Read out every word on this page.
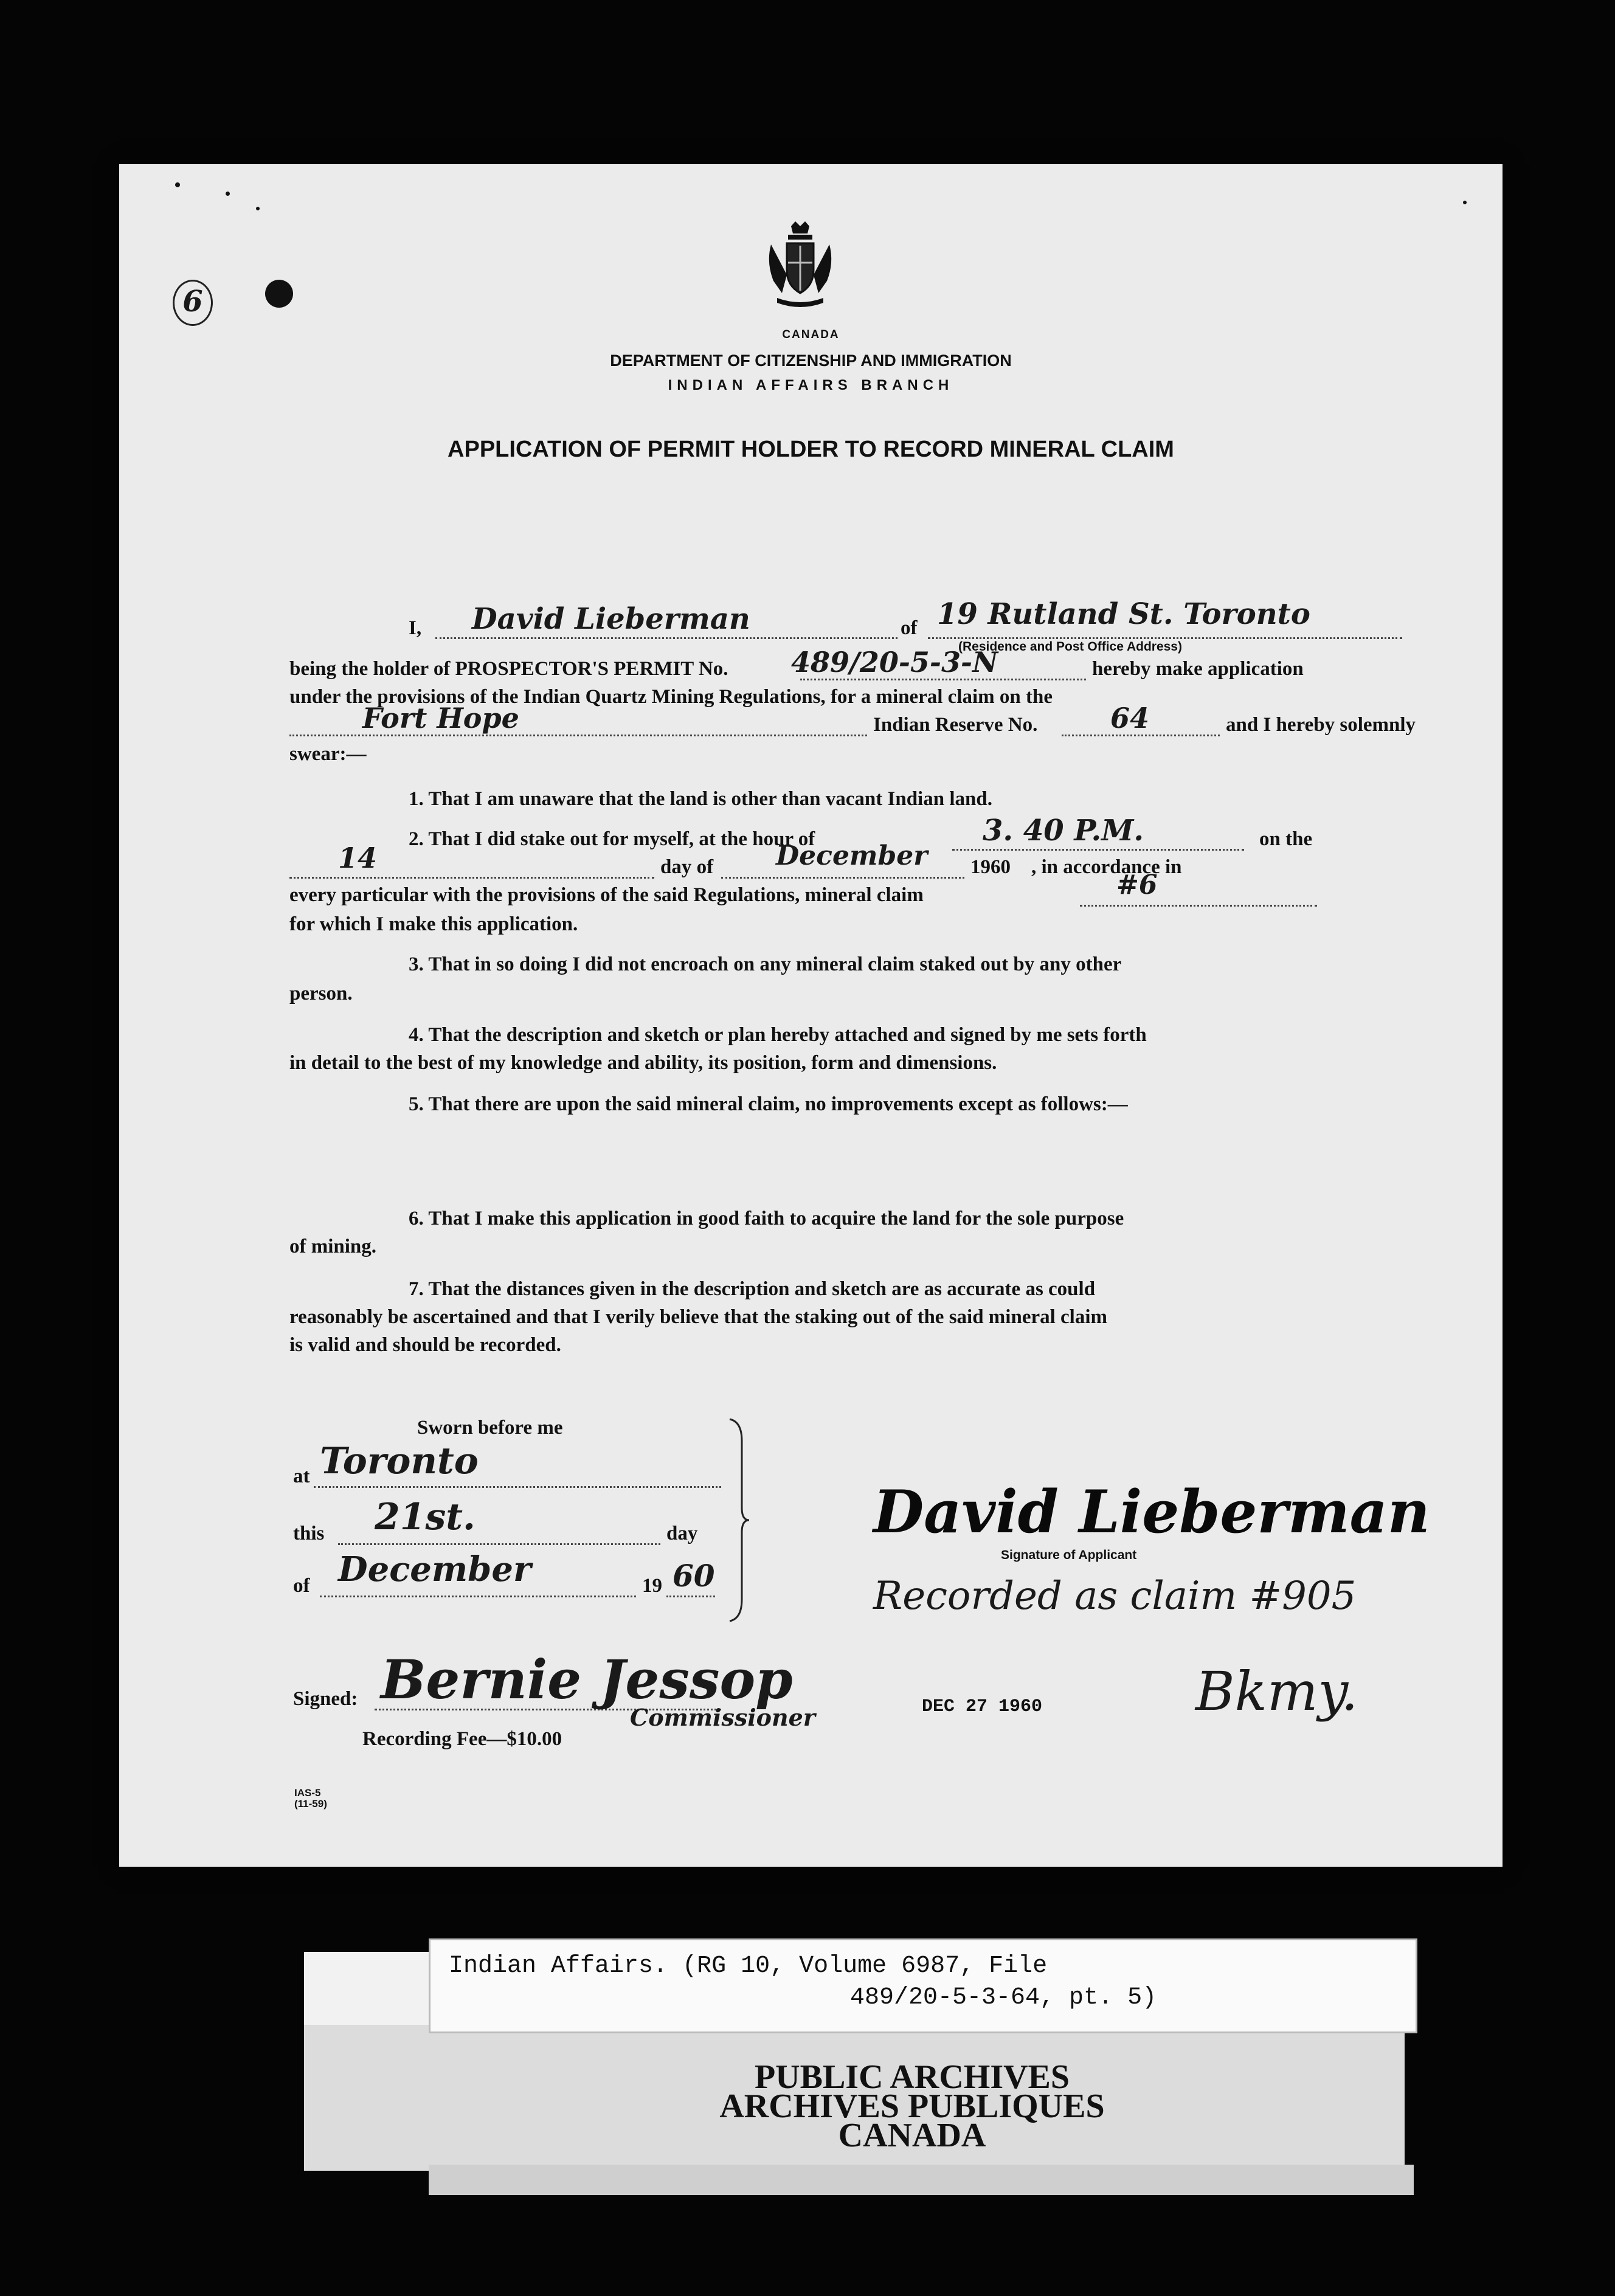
6
CANADA
DEPARTMENT OF CITIZENSHIP AND IMMIGRATION
INDIAN AFFAIRS BRANCH
APPLICATION OF PERMIT HOLDER TO RECORD MINERAL CLAIM
I, David Lieberman	of 19 Rutland St. Toronto
(Residence and Post Office Address)
being the holder of PROSPECTOR'S PERMIT No. 489/20-5-3-N	hereby make application
under the provisions of the Indian Quartz Mining Regulations, for a mineral claim on the
Fort Hope	Indian Reserve No.	64	and I hereby solemnly
swear:—
1. That I am unaware that the land is other than vacant Indian land.
2. That I did stake out for myself, at the hour of	3. 40 P.M.	on the
14	day of December 1960 , in accordance in
every particular with the provisions of the said Regulations, mineral claim	#6
for which I make this application.
3. That in so doing I did not encroach on any mineral claim staked out by any other
person.
4. That the description and sketch or plan hereby attached and signed by me sets forth
in detail to the best of my knowledge and ability, its position, form and dimensions.
5. That there are upon the said mineral claim, no improvements except as follows:—
6. That I make this application in good faith to acquire the land for the sole purpose
of mining.
7. That the distances given in the description and sketch are as accurate as could
reasonably be ascertained and that I verily believe that the staking out of the said mineral claim
is valid and should be recorded.
Sworn before me
at Toronto
this 21st.	day
of December	19 60
Signed: Bernie Jessop
Commissioner
Recording Fee—$10.00
David Lieberman
Signature of Applicant
Recorded as claim #905
DEC 27 1960	Bkmy.
IAS-5
(11-59)
Indian Affairs. (RG 10, Volume 6987, File
489/20-5-3-64, pt. 5)
PUBLIC ARCHIVES
ARCHIVES PUBLIQUES
CANADA
